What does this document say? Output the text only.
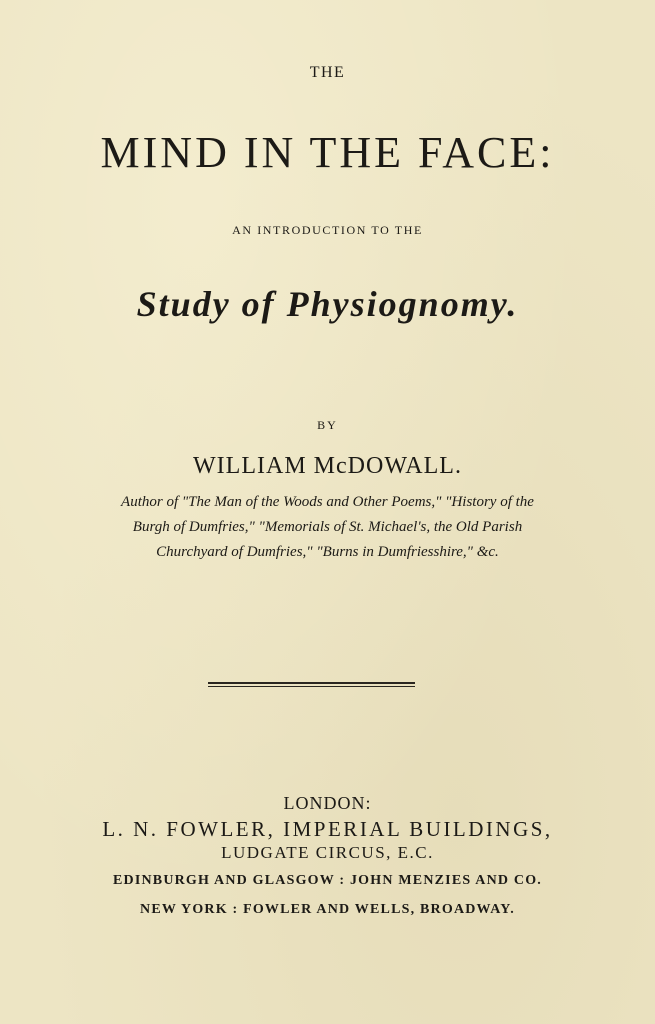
THE
MIND IN THE FACE:
AN INTRODUCTION TO THE
Study of Physiognomy.
BY
WILLIAM McDOWALL.
Author of "The Man of the Woods and Other Poems," "History of the
Burgh of Dumfries," "Memorials of St. Michael's, the Old Parish
Churchyard of Dumfries," "Burns in Dumfriesshire," &c.
LONDON:
L. N. FOWLER, IMPERIAL BUILDINGS,
LUDGATE CIRCUS, E.C.
EDINBURGH AND GLASGOW : JOHN MENZIES AND CO.
NEW YORK : FOWLER AND WELLS, BROADWAY.
